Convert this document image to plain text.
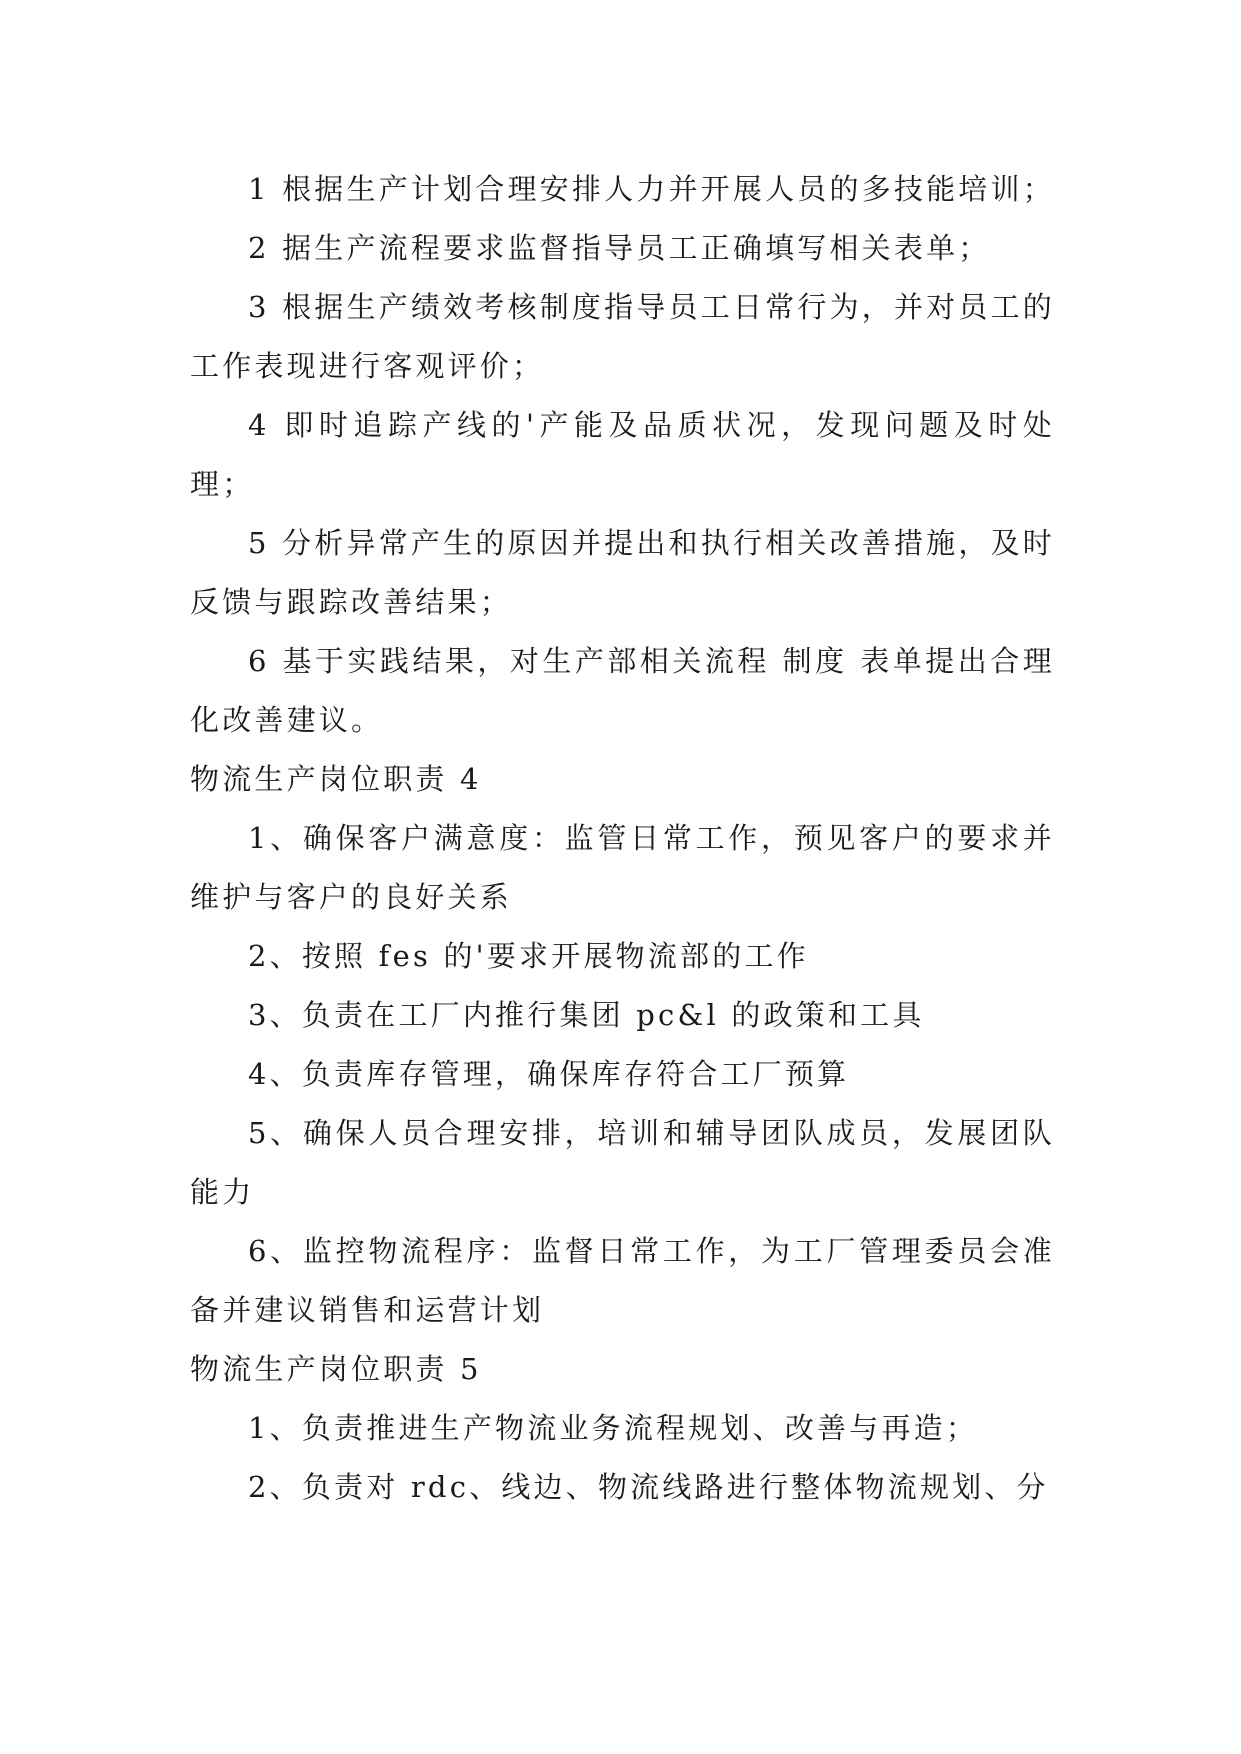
1 根据生产计划合理安排人力并开展人员的多技能培训；

2 据生产流程要求监督指导员工正确填写相关表单；

3 根据生产绩效考核制度指导员工日常行为，并对员工的工作表现进行客观评价；

4 即时追踪产线的'产能及品质状况，发现问题及时处理；

5 分析异常产生的原因并提出和执行相关改善措施，及时反馈与跟踪改善结果；

6 基于实践结果，对生产部相关流程 制度 表单提出合理化改善建议。

物流生产岗位职责 4

1、确保客户满意度：监管日常工作，预见客户的要求并维护与客户的良好关系

2、按照 fes 的'要求开展物流部的工作

3、负责在工厂内推行集团 pc&l 的政策和工具

4、负责库存管理，确保库存符合工厂预算

5、确保人员合理安排，培训和辅导团队成员，发展团队能力

6、监控物流程序：监督日常工作，为工厂管理委员会准备并建议销售和运营计划

物流生产岗位职责 5

1、负责推进生产物流业务流程规划、改善与再造；

2、负责对 rdc、线边、物流线路进行整体物流规划、分
